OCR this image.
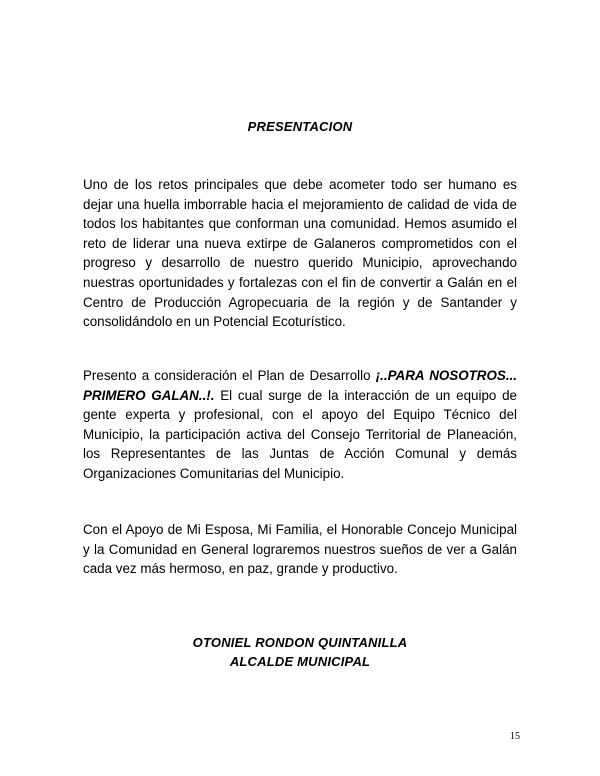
PRESENTACION
Uno de los retos principales que debe acometer todo ser humano es dejar una huella imborrable hacia el mejoramiento de calidad de vida de todos los habitantes que conforman una comunidad. Hemos asumido el reto de liderar una nueva extirpe de Galaneros comprometidos con el progreso y desarrollo de nuestro querido Municipio, aprovechando nuestras oportunidades y fortalezas con el fin de convertir a Galán en el Centro de Producción Agropecuaria de la región y de Santander y consolidándolo en un Potencial Ecoturístico.
Presento a consideración el Plan de Desarrollo ¡..PARA NOSOTROS... PRIMERO GALAN..!. El cual surge de la interacción de un equipo de gente experta y profesional, con el apoyo del Equipo Técnico del Municipio, la participación activa del Consejo Territorial de Planeación, los Representantes de las Juntas de Acción Comunal y demás Organizaciones Comunitarias del Municipio.
Con el Apoyo de Mi Esposa, Mi Familia, el Honorable Concejo Municipal y la Comunidad en General lograremos nuestros sueños de ver a Galán cada vez más hermoso, en paz, grande y productivo.
OTONIEL RONDON QUINTANILLA
ALCALDE MUNICIPAL
15
